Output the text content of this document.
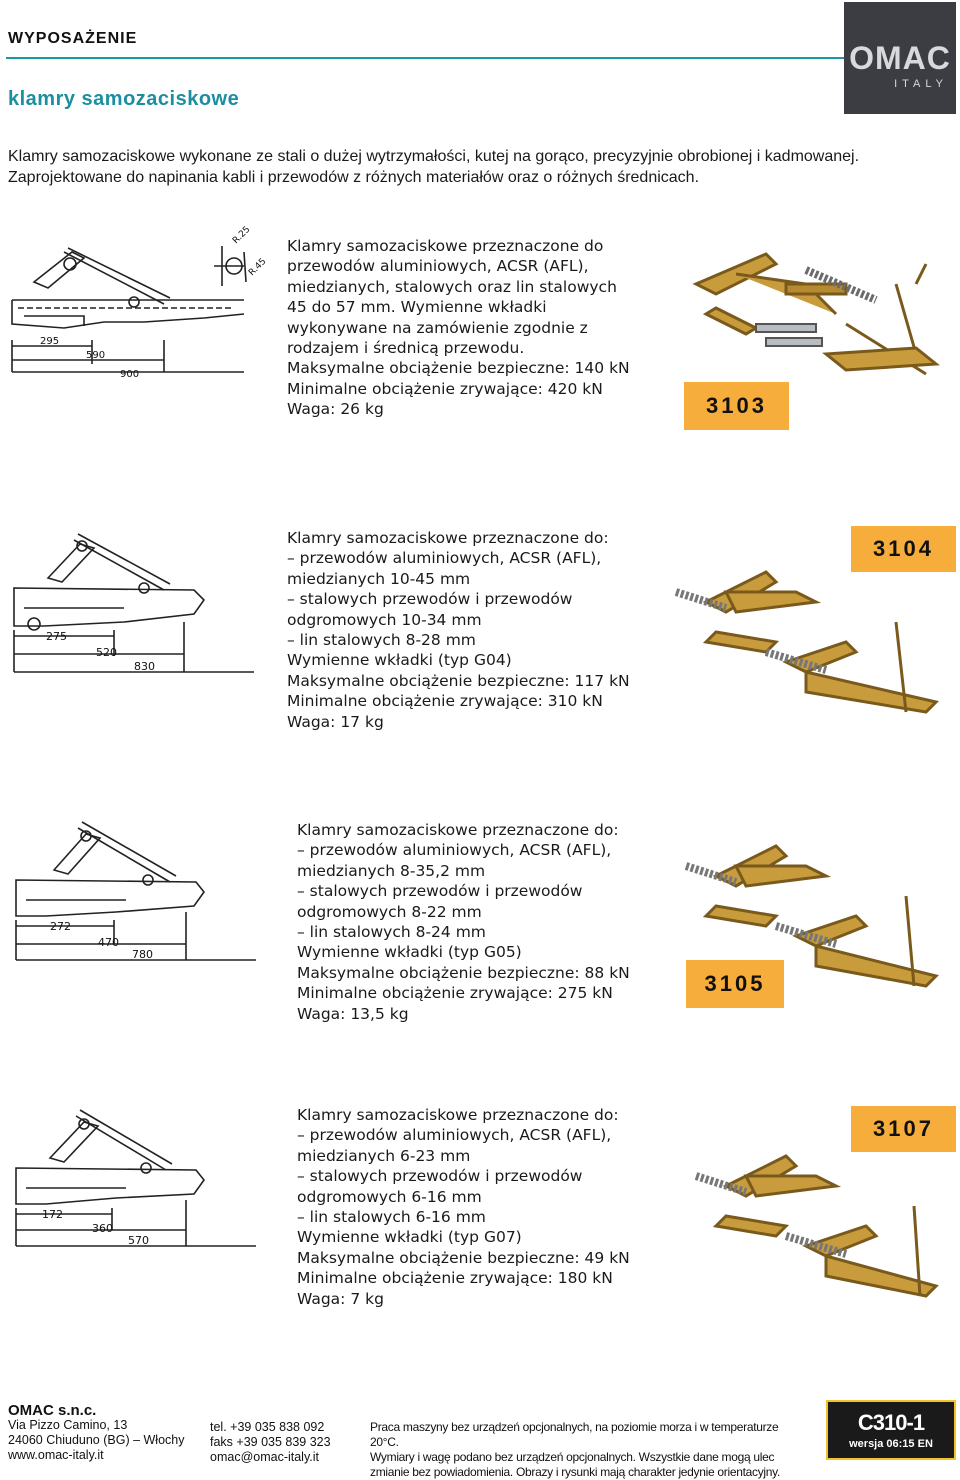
WYPOSAŻENIE
klamry samozaciskowe
OMAC
ITALY
Klamry samozaciskowe wykonane ze stali o dużej wytrzymałości, kutej na gorąco, precyzyjnie obrobionej i kadmowanej. Zaprojektowane do napinania kabli i przewodów z różnych materiałów oraz o różnych średnicach.
295
590
900
R.25
R.45
Klamry samozaciskowe przeznaczone do
przewodów aluminiowych, ACSR (AFL),
miedzianych, stalowych oraz lin stalowych
45 do 57 mm. Wymienne wkładki
wykonywane na zamówienie zgodnie z
rodzajem i średnicą przewodu.
Maksymalne obciążenie bezpieczne: 140 kN
Minimalne obciążenie zrywające: 420 kN
Waga: 26 kg	3103
275
520
830
Klamry samozaciskowe przeznaczone do:
– przewodów aluminiowych, ACSR (AFL),
miedzianych 10-45 mm
– stalowych przewodów i przewodów
odgromowych 10-34 mm
– lin stalowych 8-28 mm
Wymienne wkładki (typ G04)
Maksymalne obciążenie bezpieczne: 117 kN
Minimalne obciążenie zrywające: 310 kN
Waga: 17 kg
3104
272
470
780
Klamry samozaciskowe przeznaczone do:
– przewodów aluminiowych, ACSR (AFL),
miedzianych 8-35,2 mm
– stalowych przewodów i przewodów
odgromowych 8-22 mm
– lin stalowych 8-24 mm
Wymienne wkładki (typ G05)
Maksymalne obciążenie bezpieczne: 88 kN
Minimalne obciążenie zrywające: 275 kN
Waga: 13,5 kg
3105
172
360
570
Klamry samozaciskowe przeznaczone do:
– przewodów aluminiowych, ACSR (AFL),
miedzianych 6-23 mm
– stalowych przewodów i przewodów
odgromowych 6-16 mm
– lin stalowych 6-16 mm
Wymienne wkładki (typ G07)
Maksymalne obciążenie bezpieczne: 49 kN
Minimalne obciążenie zrywające: 180 kN
Waga: 7 kg
3107
OMAC s.n.c.
Via Pizzo Camino, 13
24060 Chiuduno (BG) – Włochy
www.omac-italy.it
tel. +39 035 838 092
faks +39 035 839 323
omac@omac-italy.it
Praca maszyny bez urządzeń opcjonalnych, na poziomie morza i w temperaturze 20°C.
Wymiary i wagę podano bez urządzeń opcjonalnych. Wszystkie dane mogą ulec
zmianie bez powiadomienia. Obrazy i rysunki mają charakter jedynie orientacyjny.
C310-1
wersja 06:15 EN
